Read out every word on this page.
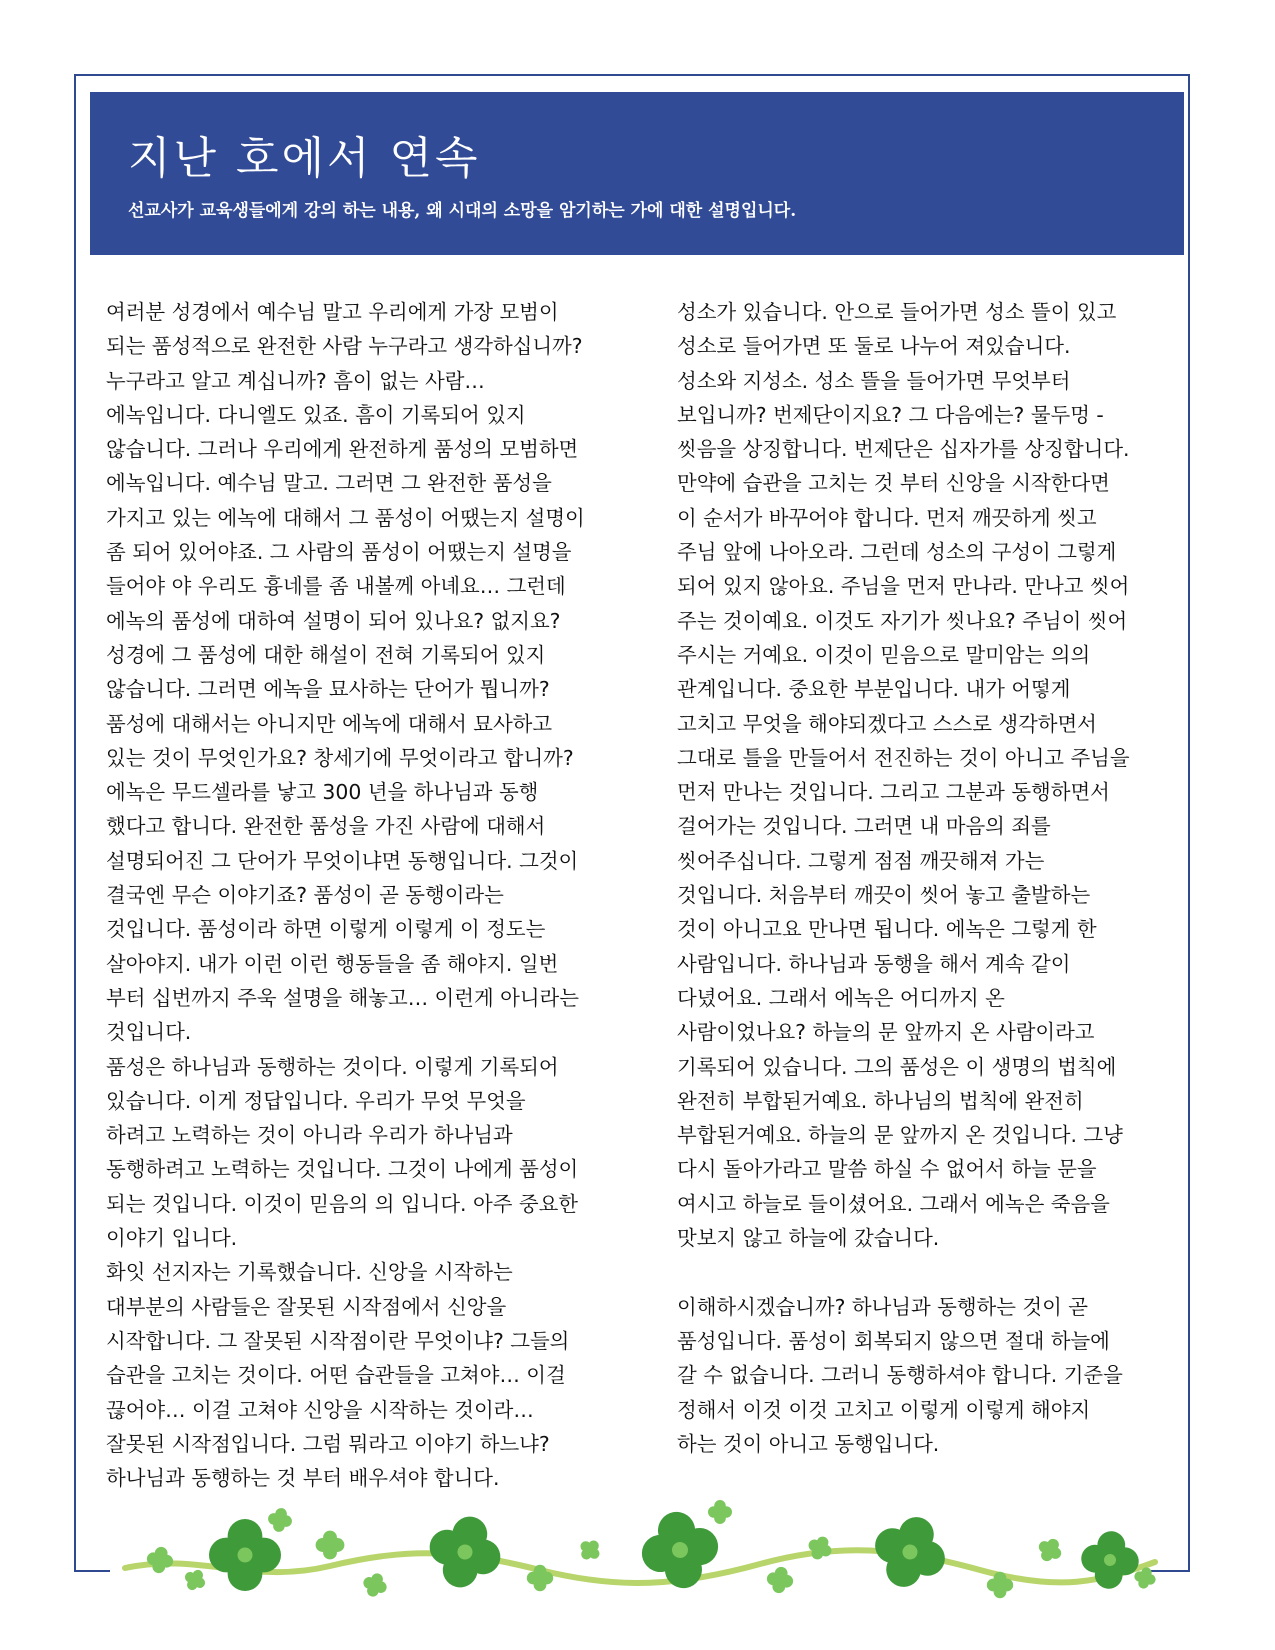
지난 호에서 연속

선교사가 교육생들에게 강의 하는 내용, 왜 시대의 소망을 암기하는 가에 대한 설명입니다.

여러분 성경에서 예수님 말고 우리에게 가장 모범이
되는 품성적으로 완전한 사람 누구라고 생각하십니까?
누구라고 알고 계십니까? 흠이 없는 사람…
에녹입니다. 다니엘도 있죠. 흠이 기록되어 있지
않습니다. 그러나 우리에게 완전하게 품성의 모범하면
에녹입니다. 예수님 말고. 그러면 그 완전한 품성을
가지고 있는 에녹에 대해서 그 품성이 어땠는지 설명이
좀 되어 있어야죠. 그 사람의 품성이 어땠는지 설명을
들어야 야 우리도 흉네를 좀 내볼께 아녜요… 그런데
에녹의 품성에 대하여 설명이 되어 있나요? 없지요?
성경에 그 품성에 대한 해설이 전혀 기록되어 있지
않습니다. 그러면 에녹을 묘사하는 단어가 뭡니까?
품성에 대해서는 아니지만 에녹에 대해서 묘사하고
있는 것이 무엇인가요? 창세기에 무엇이라고 합니까?
에녹은 무드셀라를 낳고 300 년을 하나님과 동행
했다고 합니다. 완전한 품성을 가진 사람에 대해서
설명되어진 그 단어가 무엇이냐면 동행입니다. 그것이
결국엔 무슨 이야기죠? 품성이 곧 동행이라는
것입니다. 품성이라 하면 이렇게 이렇게 이 정도는
살아야지. 내가 이런 이런 행동들을 좀 해야지. 일번
부터 십번까지 주욱 설명을 해놓고… 이런게 아니라는
것입니다.
품성은 하나님과 동행하는 것이다. 이렇게 기록되어
있습니다. 이게 정답입니다. 우리가 무엇 무엇을
하려고 노력하는 것이 아니라 우리가 하나님과
동행하려고 노력하는 것입니다. 그것이 나에게 품성이
되는 것입니다. 이것이 믿음의 의 입니다. 아주 중요한
이야기 입니다.
화잇 선지자는 기록했습니다. 신앙을 시작하는
대부분의 사람들은 잘못된 시작점에서 신앙을
시작합니다. 그 잘못된 시작점이란 무엇이냐? 그들의
습관을 고치는 것이다. 어떤 습관들을 고쳐야… 이걸
끊어야… 이걸 고쳐야 신앙을 시작하는 것이라…
잘못된 시작점입니다. 그럼 뭐라고 이야기 하느냐?
하나님과 동행하는 것 부터 배우셔야 합니다.
성소가 있습니다. 안으로 들어가면 성소 뜰이 있고
성소로 들어가면 또 둘로 나누어 져있습니다.
성소와 지성소. 성소 뜰을 들어가면 무엇부터
보입니까? 번제단이지요? 그 다음에는? 물두멍 -
씻음을 상징합니다. 번제단은 십자가를 상징합니다.
만약에 습관을 고치는 것 부터 신앙을 시작한다면
이 순서가 바꾸어야 합니다. 먼저 깨끗하게 씻고
주님 앞에 나아오라. 그런데 성소의 구성이 그렇게
되어 있지 않아요. 주님을 먼저 만나라. 만나고 씻어
주는 것이예요. 이것도 자기가 씻나요? 주님이 씻어
주시는 거예요. 이것이 믿음으로 말미암는 의의
관계입니다. 중요한 부분입니다. 내가 어떻게
고치고 무엇을 해야되겠다고 스스로 생각하면서
그대로 틀을 만들어서 전진하는 것이 아니고 주님을
먼저 만나는 것입니다. 그리고 그분과 동행하면서
걸어가는 것입니다. 그러면 내 마음의 죄를
씻어주십니다. 그렇게 점점 깨끗해져 가는
것입니다. 처음부터 깨끗이 씻어 놓고 출발하는
것이 아니고요 만나면 됩니다. 에녹은 그렇게 한
사람입니다. 하나님과 동행을 해서 계속 같이
다녔어요. 그래서 에녹은 어디까지 온
사람이었나요? 하늘의 문 앞까지 온 사람이라고
기록되어 있습니다. 그의 품성은 이 생명의 법칙에
완전히 부합된거예요. 하나님의 법칙에 완전히
부합된거예요. 하늘의 문 앞까지 온 것입니다. 그냥
다시 돌아가라고 말씀 하실 수 없어서 하늘 문을
여시고 하늘로 들이셨어요. 그래서 에녹은 죽음을
맛보지 않고 하늘에 갔습니다.
이해하시겠습니까? 하나님과 동행하는 것이 곧
품성입니다. 품성이 회복되지 않으면 절대 하늘에
갈 수 없습니다. 그러니 동행하셔야 합니다. 기준을
정해서 이것 이것 고치고 이렇게 이렇게 해야지
하는 것이 아니고 동행입니다.
